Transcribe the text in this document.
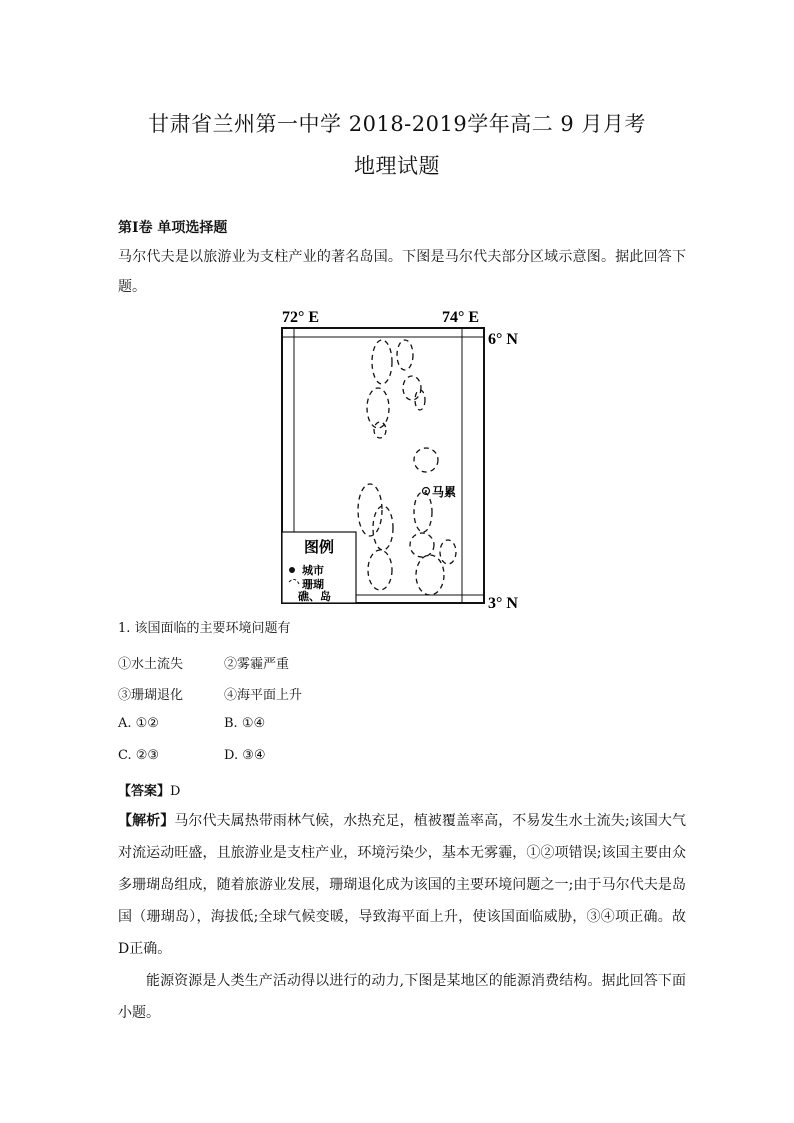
甘肃省兰州第一中学 2018-2019学年高二 9 月月考
地理试题
第Ⅰ卷 单项选择题
马尔代夫是以旅游业为支柱产业的著名岛国。下图是马尔代夫部分区域示意图。据此回答下题。
72° E	74° E
6° N
3° N
马累
图例
城市
珊瑚
礁、岛
1. 该国面临的主要环境问题有
①水土流失	②雾霾严重
③珊瑚退化	④海平面上升
A. ①②	B. ①④
C. ②③	D. ③④
【答案】D
【解析】马尔代夫属热带雨林气候，水热充足，植被覆盖率高，不易发生水土流失;该国大气对流运动旺盛，且旅游业是支柱产业，环境污染少，基本无雾霾，①②项错误;该国主要由众多珊瑚岛组成，随着旅游业发展，珊瑚退化成为该国的主要环境问题之一;由于马尔代夫是岛国（珊瑚岛），海拔低;全球气候变暖，导致海平面上升，使该国面临威胁，③④项正确。故D正确。
能源资源是人类生产活动得以进行的动力,下图是某地区的能源消费结构。据此回答下面小题。
